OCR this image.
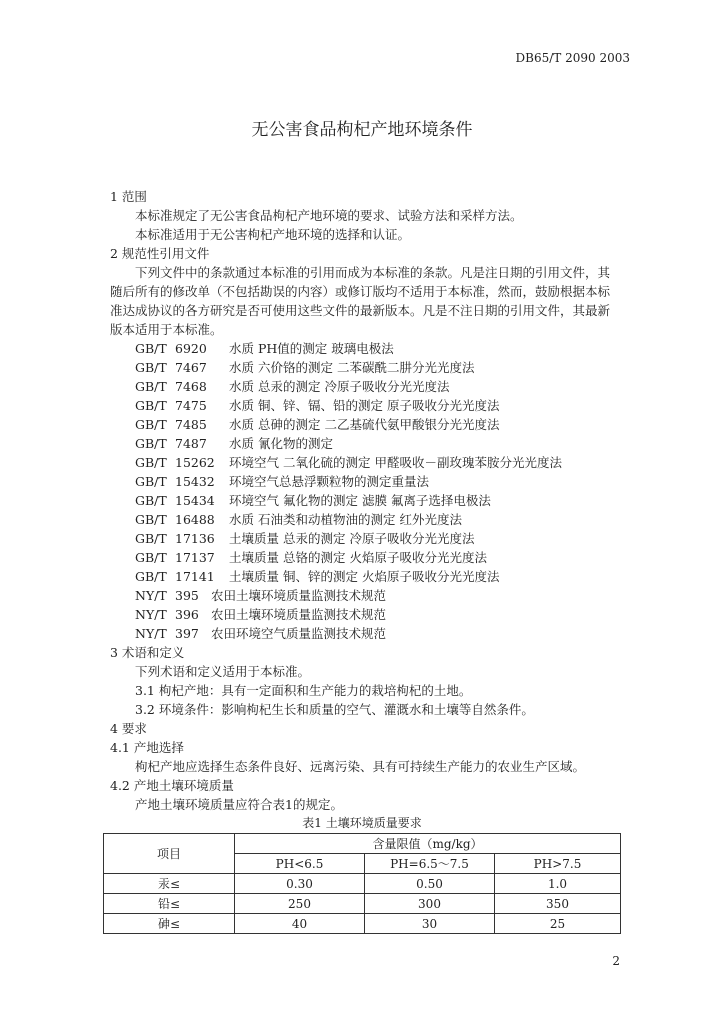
DB65/T 2090 2003
无公害食品枸杞产地环境条件
1 范围
本标准规定了无公害食品枸杞产地环境的要求、试验方法和采样方法。
本标准适用于无公害枸杞产地环境的选择和认证。
2 规范性引用文件
下列文件中的条款通过本标准的引用而成为本标准的条款。凡是注日期的引用文件，其
随后所有的修改单（不包括勘误的内容）或修订版均不适用于本标准，然而，鼓励根据本标
准达成协议的各方研究是否可使用这些文件的最新版本。凡是不注日期的引用文件，其最新
版本适用于本标准。
GB/T 6920 水质 PH值的测定 玻璃电极法
GB/T 7467 水质 六价铬的测定 二苯碳酰二肼分光光度法
GB/T 7468 水质 总汞的测定 冷原子吸收分光光度法
GB/T 7475 水质 铜、锌、镉、铅的测定 原子吸收分光光度法
GB/T 7485 水质 总砷的测定 二乙基硫代氨甲酸银分光光度法
GB/T 7487 水质 氰化物的测定
GB/T 15262 环境空气 二氧化硫的测定 甲醛吸收－副玫瑰苯胺分光光度法
GB/T 15432 环境空气总悬浮颗粒物的测定重量法
GB/T 15434 环境空气 氟化物的测定 滤膜 氟离子选择电极法
GB/T 16488 水质 石油类和动植物油的测定 红外光度法
GB/T 17136 土壤质量 总汞的测定 冷原子吸收分光光度法
GB/T 17137 土壤质量 总铬的测定 火焰原子吸收分光光度法
GB/T 17141 土壤质量 铜、锌的测定 火焰原子吸收分光光度法
NY/T 395 农田土壤环境质量监测技术规范
NY/T 396 农田土壤环境质量监测技术规范
NY/T 397 农田环境空气质量监测技术规范
3 术语和定义
下列术语和定义适用于本标准。
3.1 枸杞产地：具有一定面积和生产能力的栽培枸杞的土地。
3.2 环境条件：影响枸杞生长和质量的空气、灌溉水和土壤等自然条件。
4 要求
4.1 产地选择
枸杞产地应选择生态条件良好、远离污染、具有可持续生产能力的农业生产区域。
4.2 产地土壤环境质量
产地土壤环境质量应符合表1的规定。
表1 土壤环境质量要求
项目	含量限值（mg/kg）		
	PH<6.5	PH=6.5～7.5	PH>7.5
汞≤	0.30	0.50	1.0
铅≤	250	300	350
砷≤	40	30	25
2
